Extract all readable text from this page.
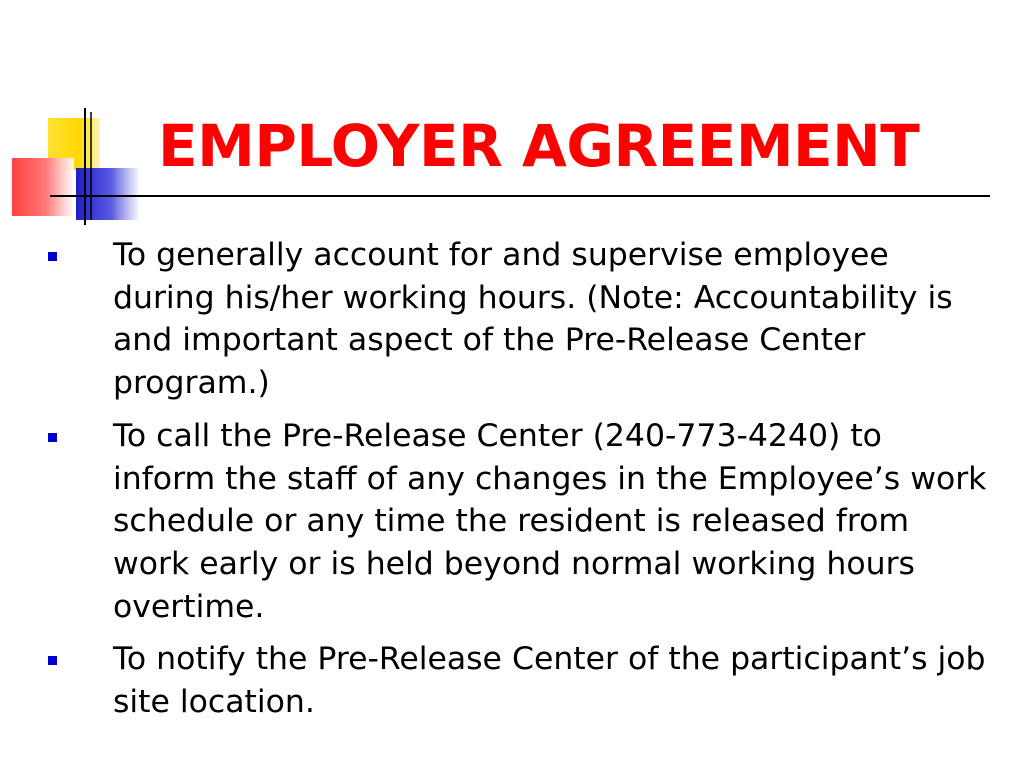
EMPLOYER AGREEMENT
To generally account for and supervise employee during his/her working hours. (Note: Accountability is and important aspect of the Pre-Release Center program.)
To call the Pre-Release Center (240-773-4240) to inform the staff of any changes in the Employee’s work schedule or any time the resident is released from work early or is held beyond normal working hours overtime.
To notify the Pre-Release Center of the participant’s job site location.
